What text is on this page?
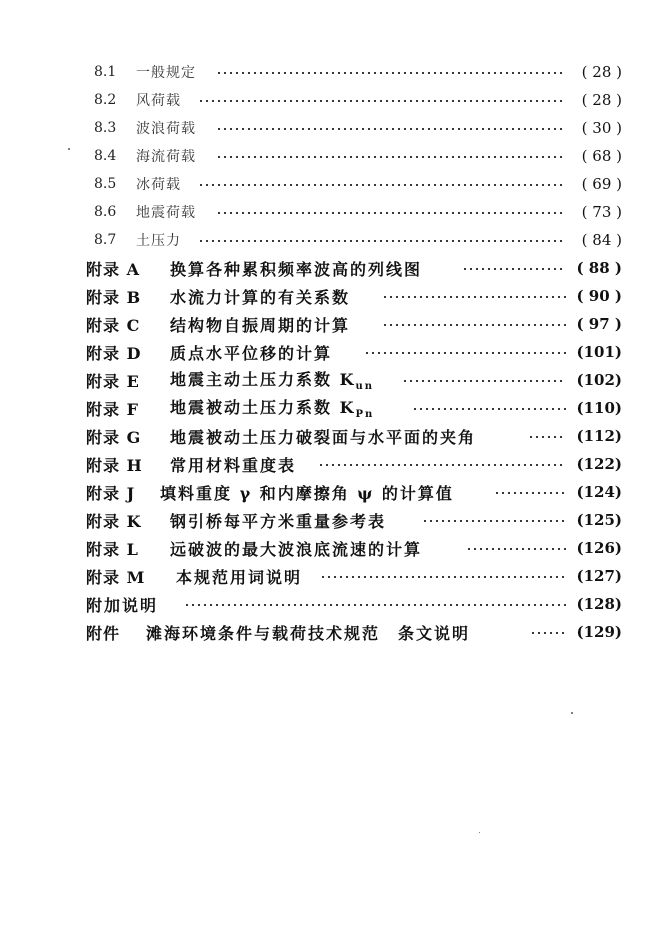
8.1 一般规定	( 28 )
8.2 风荷载	( 28 )
8.3 波浪荷载	( 30 )
8.4 海流荷载	( 68 )
8.5 冰荷载	( 69 )
8.6 地震荷载	( 73 )
8.7 土压力	( 84 )
附录 A 换算各种累积频率波高的列线图	( 88 )
附录 B 水流力计算的有关系数	( 90 )
附录 C 结构物自振周期的计算	( 97 )
附录 D 质点水平位移的计算	(101)
附录 E 地震主动土压力系数 $K_{un}$	(102)
附录 F 地震被动土压力系数 $K_{Pn}$	(110)
附录 G 地震被动土压力破裂面与水平面的夹角	(112)
附录 H 常用材料重度表	(122)
附录 J 填料重度 γ 和内摩擦角 ψ 的计算值	(124)
附录 K 钢引桥每平方米重量参考表	(125)
附录 L 远破波的最大波浪底流速的计算	(126)
附录 M 本规范用词说明	(127)
附加说明	(128)
附件 滩海环境条件与载荷技术规范　条文说明	(129)
